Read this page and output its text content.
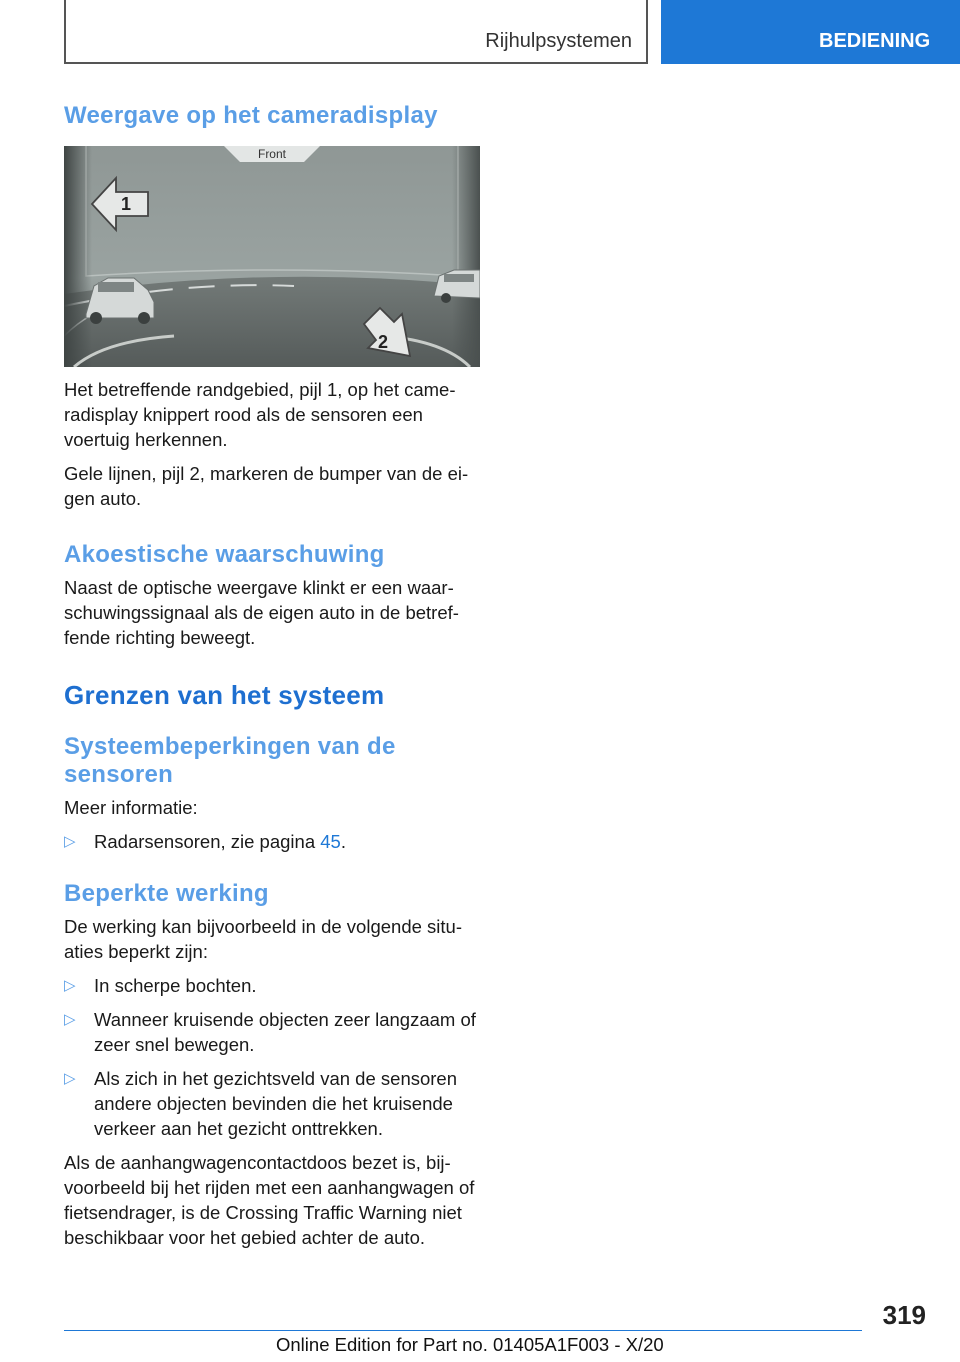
Rijhulpsystemen	BEDIENING
Weergave op het cameradisplay
Front
1
2

Het betreffende randgebied, pijl 1, op het cameradisplay knippert rood als de sensoren een voertuig herkennen.

Gele lijnen, pijl 2, markeren de bumper van de eigen auto.

Akoestische waarschuwing

Naast de optische weergave klinkt er een waarschuwingssignaal als de eigen auto in de betreffende richting beweegt.

Grenzen van het systeem
Systeembeperkingen van de sensoren

Meer informatie:

▷ Radarsensoren, zie pagina 45.
Beperkte werking

De werking kan bijvoorbeeld in de volgende situaties beperkt zijn:

▷ In scherpe bochten.
▷ Wanneer kruisende objecten zeer langzaam of zeer snel bewegen.
▷ Als zich in het gezichtsveld van de sensoren andere objecten bevinden die het kruisende verkeer aan het gezicht onttrekken.

Als de aanhangwagencontactdoos bezet is, bijvoorbeeld bij het rijden met een aanhangwagen of fietsendrager, is de Crossing Traffic Warning niet beschikbaar voor het gebied achter de auto.

319
Online Edition for Part no. 01405A1F003 - X/20
